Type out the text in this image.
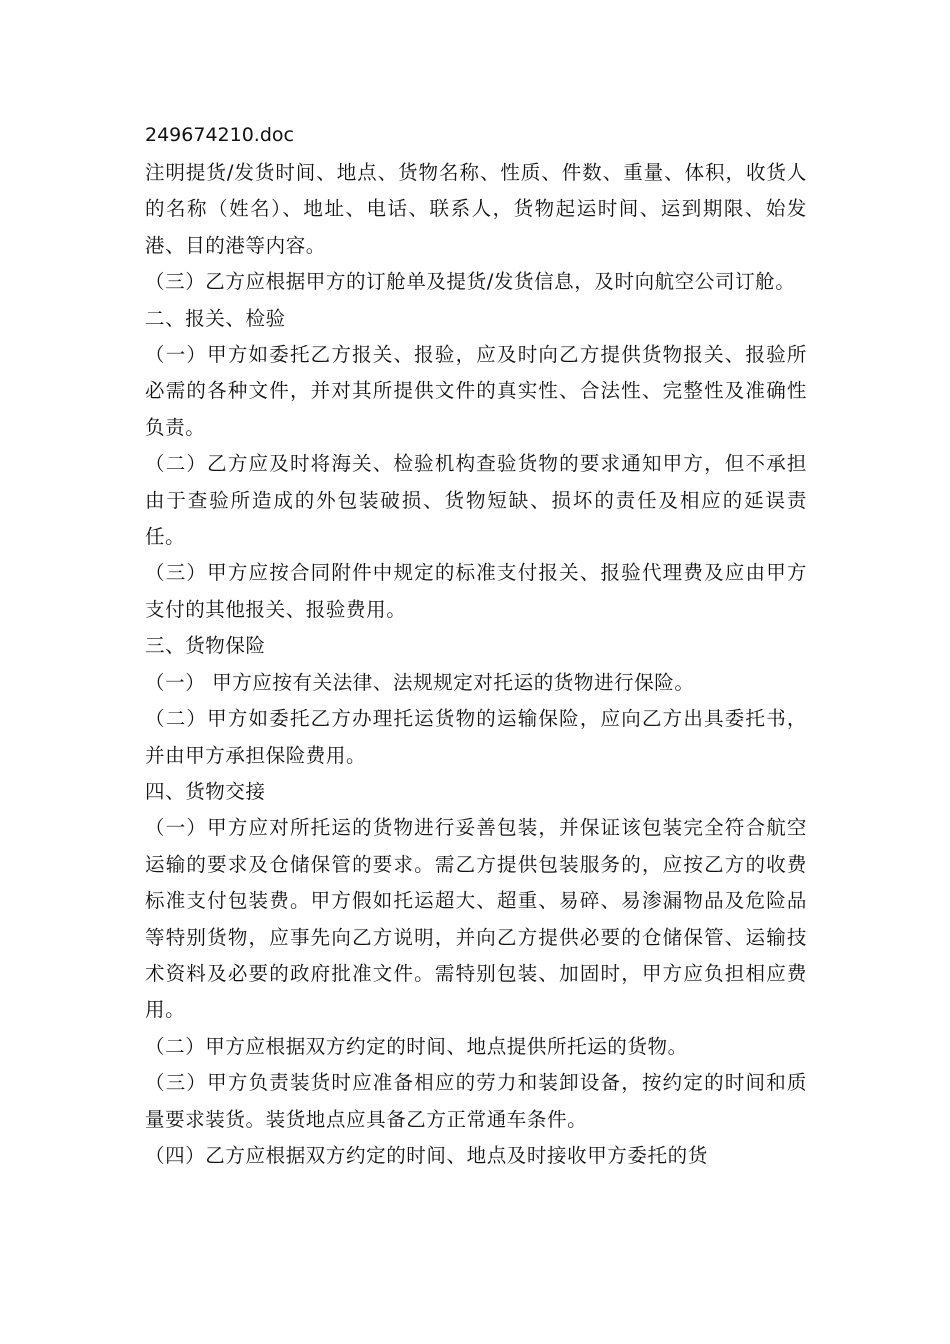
249674210.doc

注明提货/发货时间、地点、货物名称、性质、件数、重量、体积，收货人的名称（姓名）、地址、电话、联系人，货物起运时间、运到期限、始发港、目的港等内容。

（三）乙方应根据甲方的订舱单及提货/发货信息，及时向航空公司订舱。

二、报关、检验

（一）甲方如委托乙方报关、报验，应及时向乙方提供货物报关、报验所必需的各种文件，并对其所提供文件的真实性、合法性、完整性及准确性负责。

（二）乙方应及时将海关、检验机构查验货物的要求通知甲方，但不承担由于查验所造成的外包装破损、货物短缺、损坏的责任及相应的延误责任。

（三）甲方应按合同附件中规定的标准支付报关、报验代理费及应由甲方支付的其他报关、报验费用。

三、货物保险

（一） 甲方应按有关法律、法规规定对托运的货物进行保险。

（二）甲方如委托乙方办理托运货物的运输保险，应向乙方出具委托书，并由甲方承担保险费用。

四、货物交接

（一）甲方应对所托运的货物进行妥善包装，并保证该包装完全符合航空运输的要求及仓储保管的要求。需乙方提供包装服务的，应按乙方的收费标准支付包装费。甲方假如托运超大、超重、易碎、易渗漏物品及危险品等特别货物，应事先向乙方说明，并向乙方提供必要的仓储保管、运输技术资料及必要的政府批准文件。需特别包装、加固时，甲方应负担相应费用。

（二）甲方应根据双方约定的时间、地点提供所托运的货物。

（三）甲方负责装货时应准备相应的劳力和装卸设备，按约定的时间和质量要求装货。装货地点应具备乙方正常通车条件。

（四）乙方应根据双方约定的时间、地点及时接收甲方委托的货
